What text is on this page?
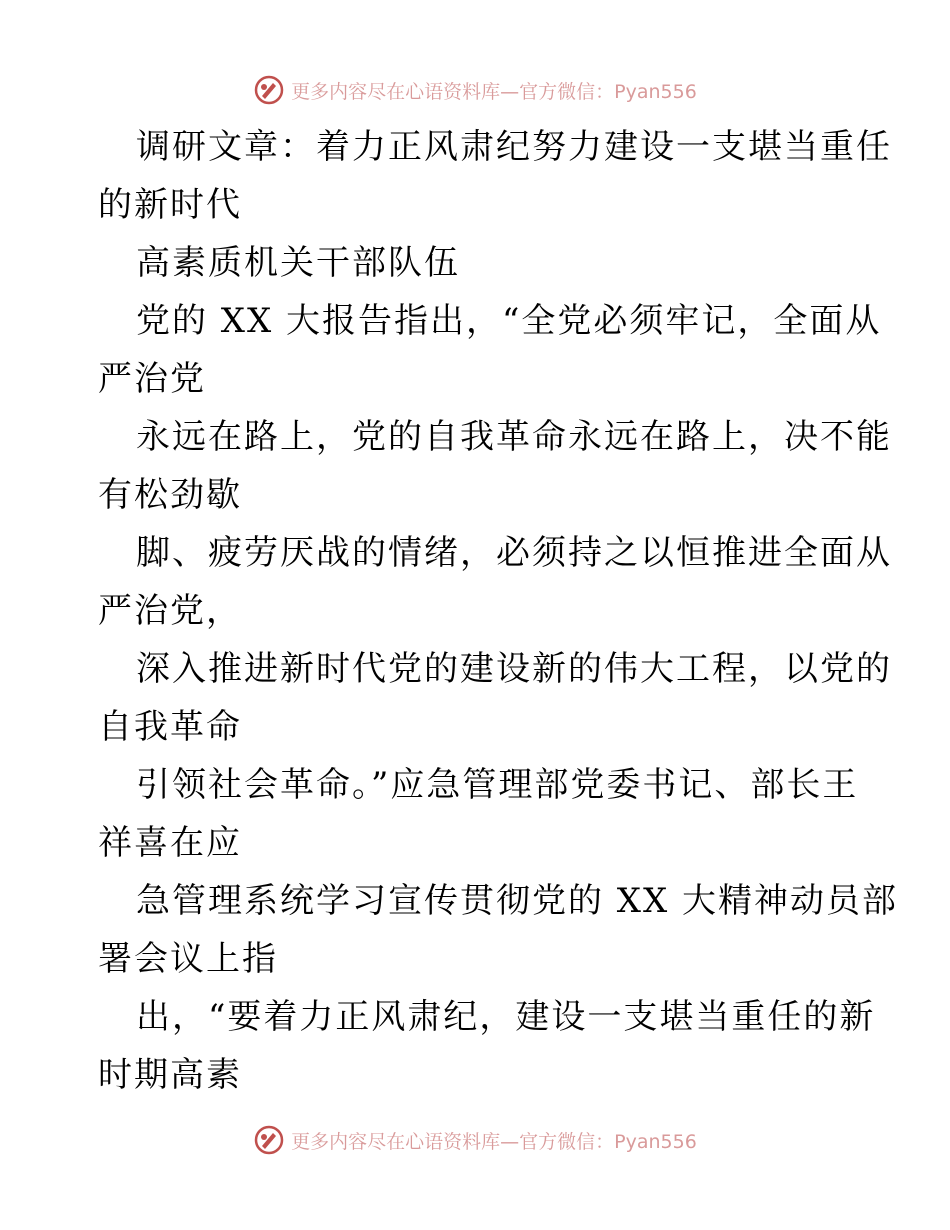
更多内容尽在心语资料库—官方微信：Pyan556
调研文章：着力正风肃纪努力建设一支堪当重任
的新时代
高素质机关干部队伍
党的 XX 大报告指出，“全党必须牢记，全面从
严治党
永远在路上，党的自我革命永远在路上，决不能
有松劲歇
脚、疲劳厌战的情绪，必须持之以恒推进全面从
严治党，
深入推进新时代党的建设新的伟大工程，以党的
自我革命
引领社会革命。”应急管理部党委书记、部长王
祥喜在应
急管理系统学习宣传贯彻党的 XX 大精神动员部
署会议上指
出，“要着力正风肃纪，建设一支堪当重任的新
时期高素
更多内容尽在心语资料库—官方微信：Pyan556
